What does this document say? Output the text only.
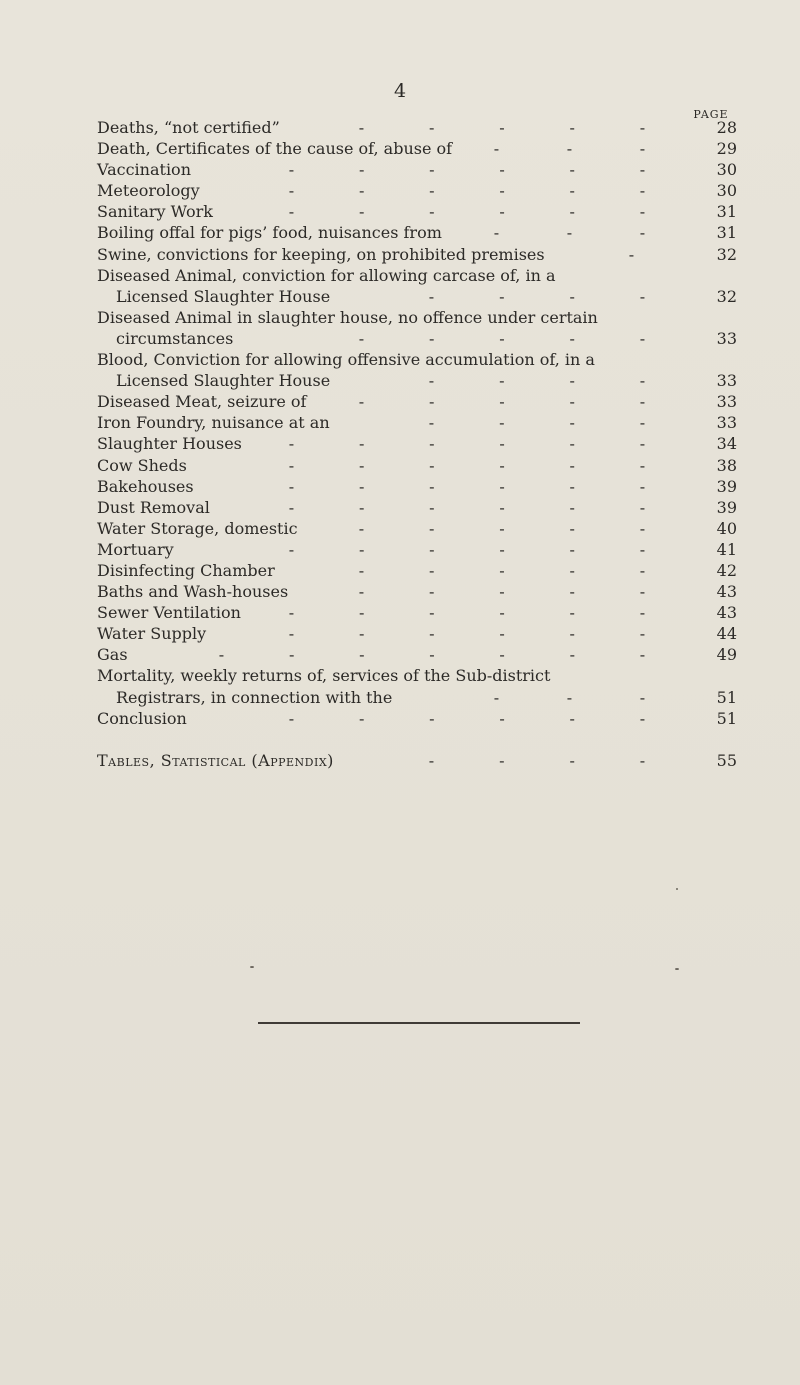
4
PAGE
Deaths, “not certified”	-	-	-	-	-	28
Death, Certificates of the cause of, abuse of	-	-	-	29
Vaccination	-	-	-	-	-	-	30
Meteorology	-	-	-	-	-	-	30
Sanitary Work	-	-	-	-	-	-	31
Boiling offal for pigs’ food, nuisances from	-	-	-	31
Swine, convictions for keeping, on prohibited premises	-	32
Diseased Animal, conviction for allowing carcase of, in a
Licensed Slaughter House	-	-	-	-	32
Diseased Animal in slaughter house, no offence under certain
circumstances	-	-	-	-	-	33
Blood, Conviction for allowing offensive accumulation of, in a
Licensed Slaughter House	-	-	-	-	33
Diseased Meat, seizure of	-	-	-	-	-	33
Iron Foundry, nuisance at an	-	-	-	-	33
Slaughter Houses	-	-	-	-	-	-	34
Cow Sheds	-	-	-	-	-	-	38
Bakehouses	-	-	-	-	-	-	39
Dust Removal	-	-	-	-	-	-	39
Water Storage, domestic	-	-	-	-	-	40
Mortuary	-	-	-	-	-	-	41
Disinfecting Chamber	-	-	-	-	-	42
Baths and Wash-houses	-	-	-	-	-	43
Sewer Ventilation	-	-	-	-	-	-	43
Water Supply	-	-	-	-	-	-	44
Gas	-	-	-	-	-	-	-	49
Mortality, weekly returns of, services of the Sub-district
Registrars, in connection with the	-	-	-	51
Conclusion	-	-	-	-	-	-	51
Tables, Statistical (Appendix)	-	-	-	-	55
